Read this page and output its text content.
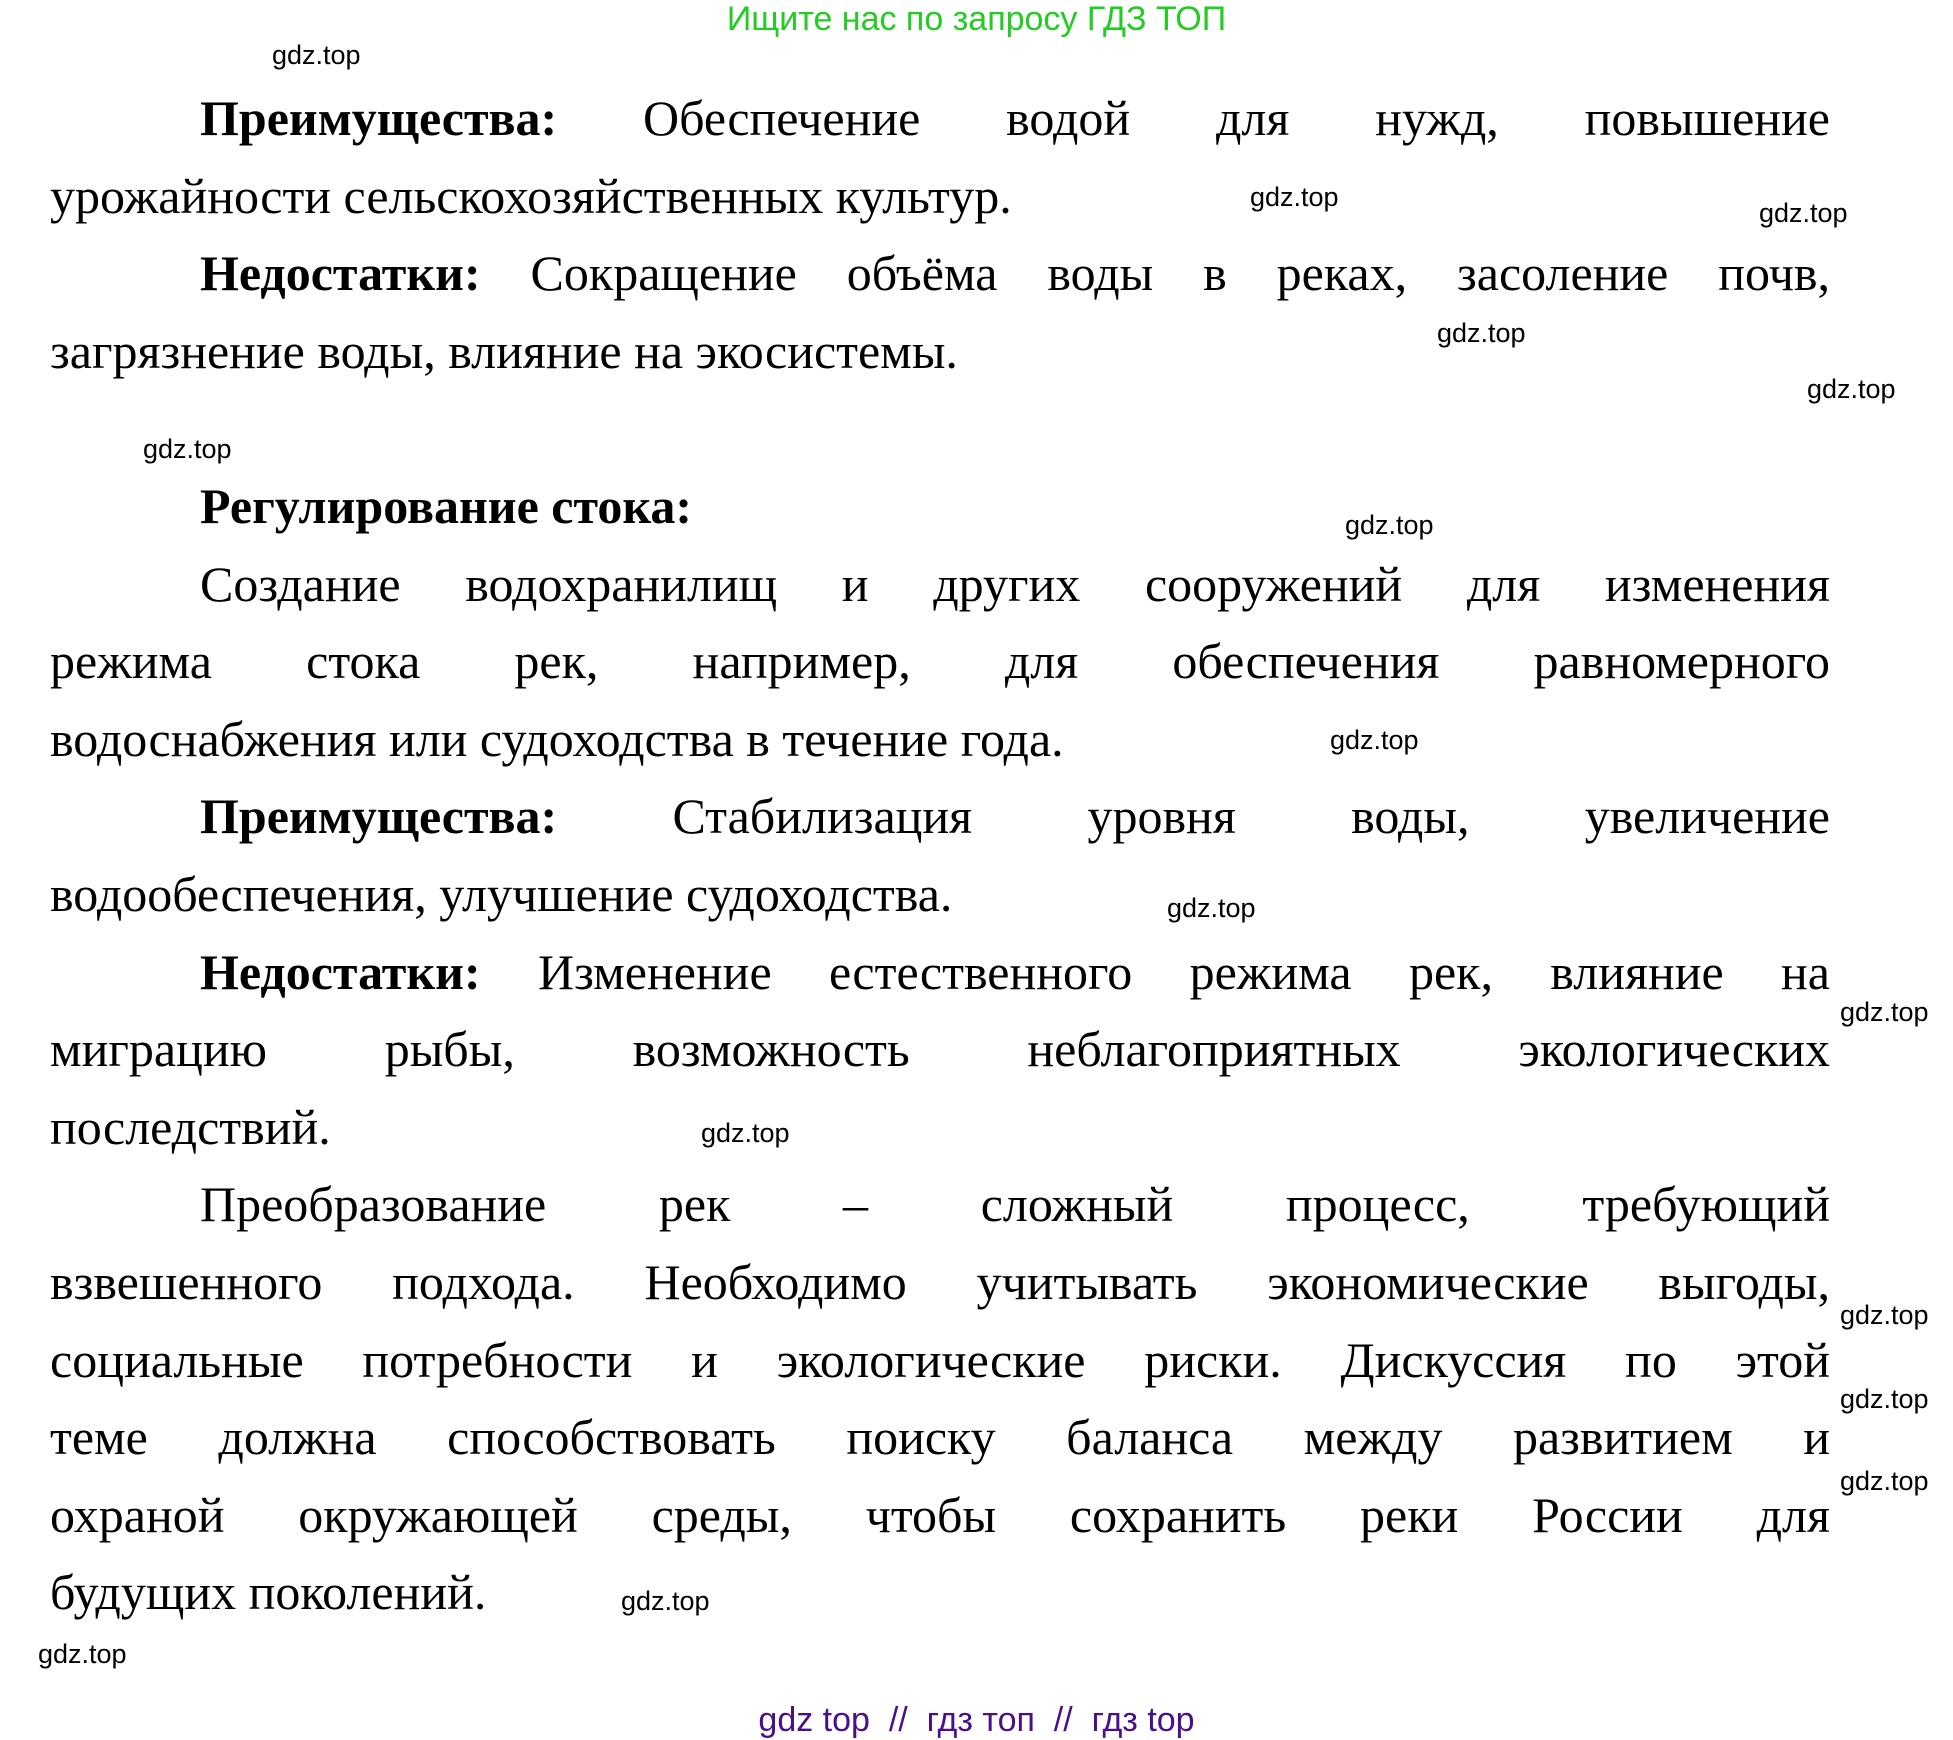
Ищите нас по запросу ГДЗ ТОП
Преимущества: Обеспечение водой для нужд, повышение
урожайности сельскохозяйственных культур.
Недостатки: Сокращение объёма воды в реках, засоление почв,
загрязнение воды, влияние на экосистемы.
Регулирование стока:
Создание водохранилищ и других сооружений для изменения
режима стока рек, например, для обеспечения равномерного
водоснабжения или судоходства в течение года.
Преимущества: Стабилизация уровня воды, увеличение
водообеспечения, улучшение судоходства.
Недостатки: Изменение естественного режима рек, влияние на
миграцию рыбы, возможность неблагоприятных экологических
последствий.
Преобразование рек – сложный процесс, требующий
взвешенного подхода. Необходимо учитывать экономические выгоды,
социальные потребности и экологические риски. Дискуссия по этой
теме должна способствовать поиску баланса между развитием и
охраной окружающей среды, чтобы сохранить реки России для
будущих поколений.
gdz.top
gdz.top
gdz.top
gdz.top
gdz.top
gdz.top
gdz.top
gdz.top
gdz.top
gdz.top
gdz.top
gdz.top
gdz.top
gdz.top
gdz.top
gdz.top
gdz top  //  гдз топ  //  гдз top
